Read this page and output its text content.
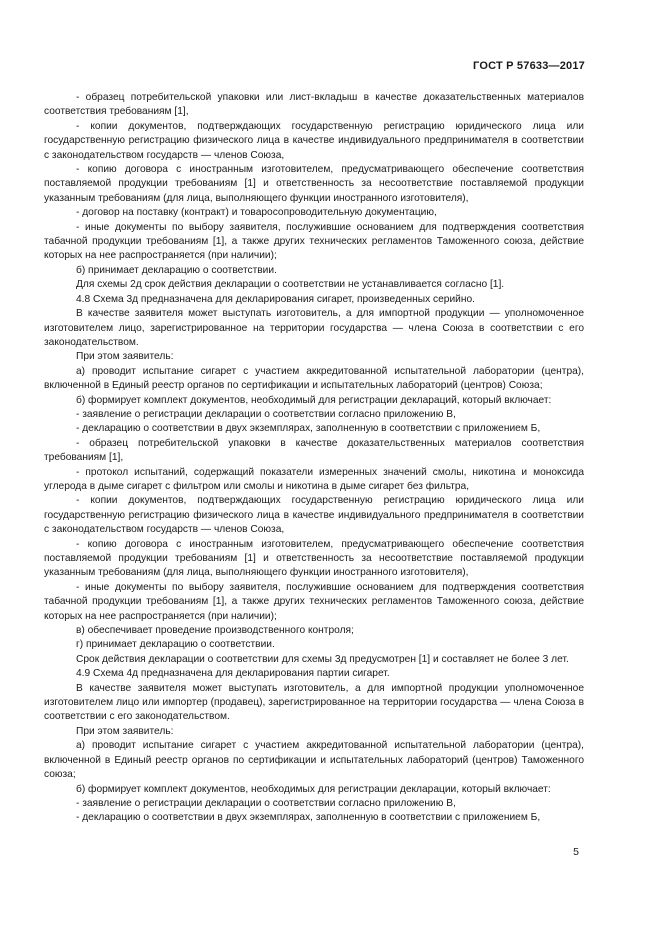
ГОСТ Р 57633—2017

- образец потребительской упаковки или лист-вкладыш в качестве доказательственных материалов соответствия требованиям [1],

- копии документов, подтверждающих государственную регистрацию юридического лица или государственную регистрацию физического лица в качестве индивидуального предпринимателя в соответствии с законодательством государств — членов Союза,

- копию договора с иностранным изготовителем, предусматривающего обеспечение соответствия поставляемой продукции требованиям [1] и ответственность за несоответствие поставляемой продукции указанным требованиям (для лица, выполняющего функции иностранного изготовителя),

- договор на поставку (контракт) и товаросопроводительную документацию,

- иные документы по выбору заявителя, послужившие основанием для подтверждения соответствия табачной продукции требованиям [1], а также других технических регламентов Таможенного союза, действие которых на нее распространяется (при наличии);

б) принимает декларацию о соответствии.

Для схемы 2д срок действия декларации о соответствии не устанавливается согласно [1].

4.8 Схема 3д предназначена для декларирования сигарет, произведенных серийно.

В качестве заявителя может выступать изготовитель, а для импортной продукции — уполномоченное изготовителем лицо, зарегистрированное на территории государства — члена Союза в соответствии с его законодательством.

При этом заявитель:

а) проводит испытание сигарет с участием аккредитованной испытательной лаборатории (центра), включенной в Единый реестр органов по сертификации и испытательных лабораторий (центров) Союза;

б) формирует комплект документов, необходимый для регистрации деклараций, который включает:

- заявление о регистрации декларации о соответствии согласно приложению В,

- декларацию о соответствии в двух экземплярах, заполненную в соответствии с приложением Б,

- образец потребительской упаковки в качестве доказательственных материалов соответствия требованиям [1],

- протокол испытаний, содержащий показатели измеренных значений смолы, никотина и моноксида углерода в дыме сигарет с фильтром или смолы и никотина в дыме сигарет без фильтра,

- копии документов, подтверждающих государственную регистрацию юридического лица или государственную регистрацию физического лица в качестве индивидуального предпринимателя в соответствии с законодательством государств — членов Союза,

- копию договора с иностранным изготовителем, предусматривающего обеспечение соответствия поставляемой продукции требованиям [1] и ответственность за несоответствие поставляемой продукции указанным требованиям (для лица, выполняющего функции иностранного изготовителя),

- иные документы по выбору заявителя, послужившие основанием для подтверждения соответствия табачной продукции требованиям [1], а также других технических регламентов Таможенного союза, действие которых на нее распространяется (при наличии);

в) обеспечивает проведение производственного контроля;

г) принимает декларацию о соответствии.

Срок действия декларации о соответствии для схемы 3д предусмотрен [1] и составляет не более 3 лет.

4.9 Схема 4д предназначена для декларирования партии сигарет.

В качестве заявителя может выступать изготовитель, а для импортной продукции уполномоченное изготовителем лицо или импортер (продавец), зарегистрированное на территории государства — члена Союза в соответствии с его законодательством.

При этом заявитель:

а) проводит испытание сигарет с участием аккредитованной испытательной лаборатории (центра), включенной в Единый реестр органов по сертификации и испытательных лабораторий (центров) Таможенного союза;

б) формирует комплект документов, необходимых для регистрации декларации, который включает:

- заявление о регистрации декларации о соответствии согласно приложению В,

- декларацию о соответствии в двух экземплярах, заполненную в соответствии с приложением Б,

5
